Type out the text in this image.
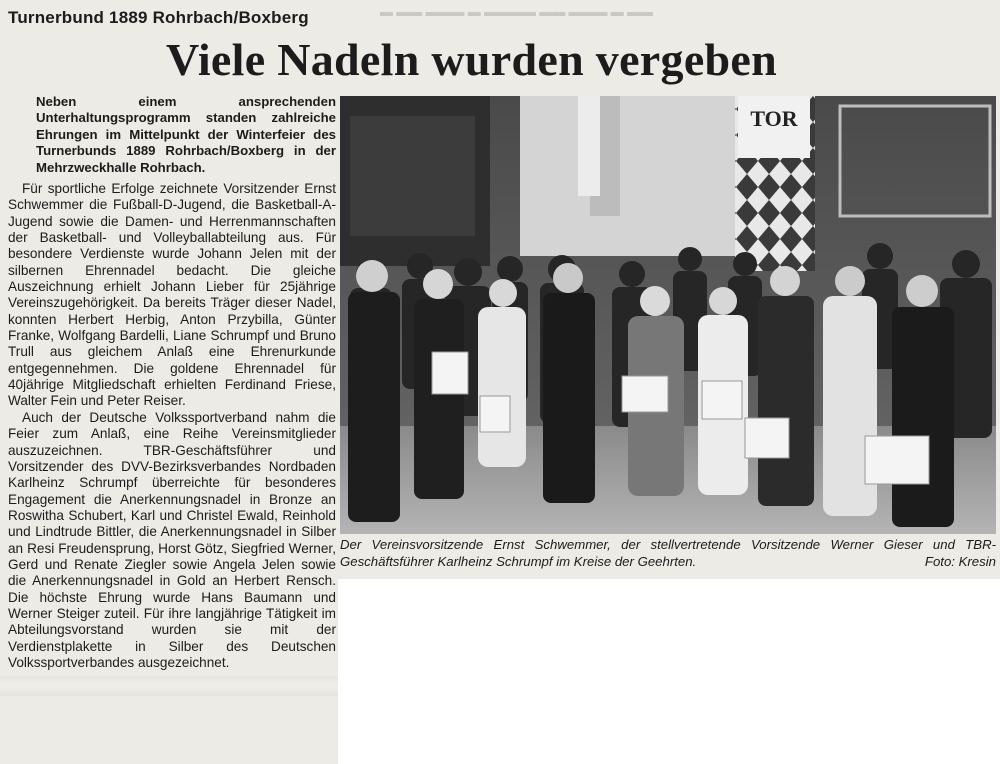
▬ ▬▬ ▬▬▬ ▬ ▬▬▬▬ ▬▬ ▬▬▬ ▬ ▬▬
Turnerbund 1889 Rohrbach/Boxberg
Viele Nadeln wurden vergeben
Neben einem ansprechenden Unterhaltungsprogramm standen zahlreiche Ehrungen im Mittelpunkt der Winterfeier des Turnerbunds 1889 Rohrbach/Boxberg in der Mehrzweckhalle Rohrbach.

Für sportliche Erfolge zeichnete Vorsitzender Ernst Schwemmer die Fußball-D-Jugend, die Basketball-A-Jugend sowie die Damen- und Herrenmannschaften der Basketball- und Volleyballabteilung aus. Für besondere Verdienste wurde Johann Jelen mit der silbernen Ehrennadel bedacht. Die gleiche Auszeichnung erhielt Johann Lieber für 25jährige Vereinszugehörigkeit. Da bereits Träger dieser Nadel, konnten Herbert Herbig, Anton Przybilla, Günter Franke, Wolfgang Bardelli, Liane Schrumpf und Bruno Trull aus gleichem Anlaß eine Ehrenurkunde entgegennehmen. Die goldene Ehrennadel für 40jährige Mitgliedschaft erhielten Ferdinand Friese, Walter Fein und Peter Reiser.

Auch der Deutsche Volkssportverband nahm die Feier zum Anlaß, eine Reihe Vereinsmitglieder auszuzeichnen. TBR-Geschäftsführer und Vorsitzender des DVV-Bezirksverbandes Nordbaden Karlheinz Schrumpf überreichte für besonderes Engagement die Anerkennungsnadel in Bronze an Roswitha Schubert, Karl und Christel Ewald, Reinhold und Lindtrude Bittler, die Anerkennungsnadel in Silber an Resi Freudensprung, Horst Götz, Siegfried Werner, Gerd und Renate Ziegler sowie Angela Jelen sowie die Anerkennungsnadel in Gold an Herbert Rensch. Die höchste Ehrung wurde Hans Baumann und Werner Steiger zuteil. Für ihre langjährige Tätigkeit im Abteilungsvorstand wurden sie mit der Verdienstplakette in Silber des Deutschen Volkssportverbandes ausgezeichnet.

TOR
Der Vereinsvorsitzende Ernst Schwemmer, der stellvertretende Vorsitzende Werner Gieser und TBR-Geschäftsführer Karlheinz Schrumpf im Kreise der Geehrten.	Foto: Kresin
